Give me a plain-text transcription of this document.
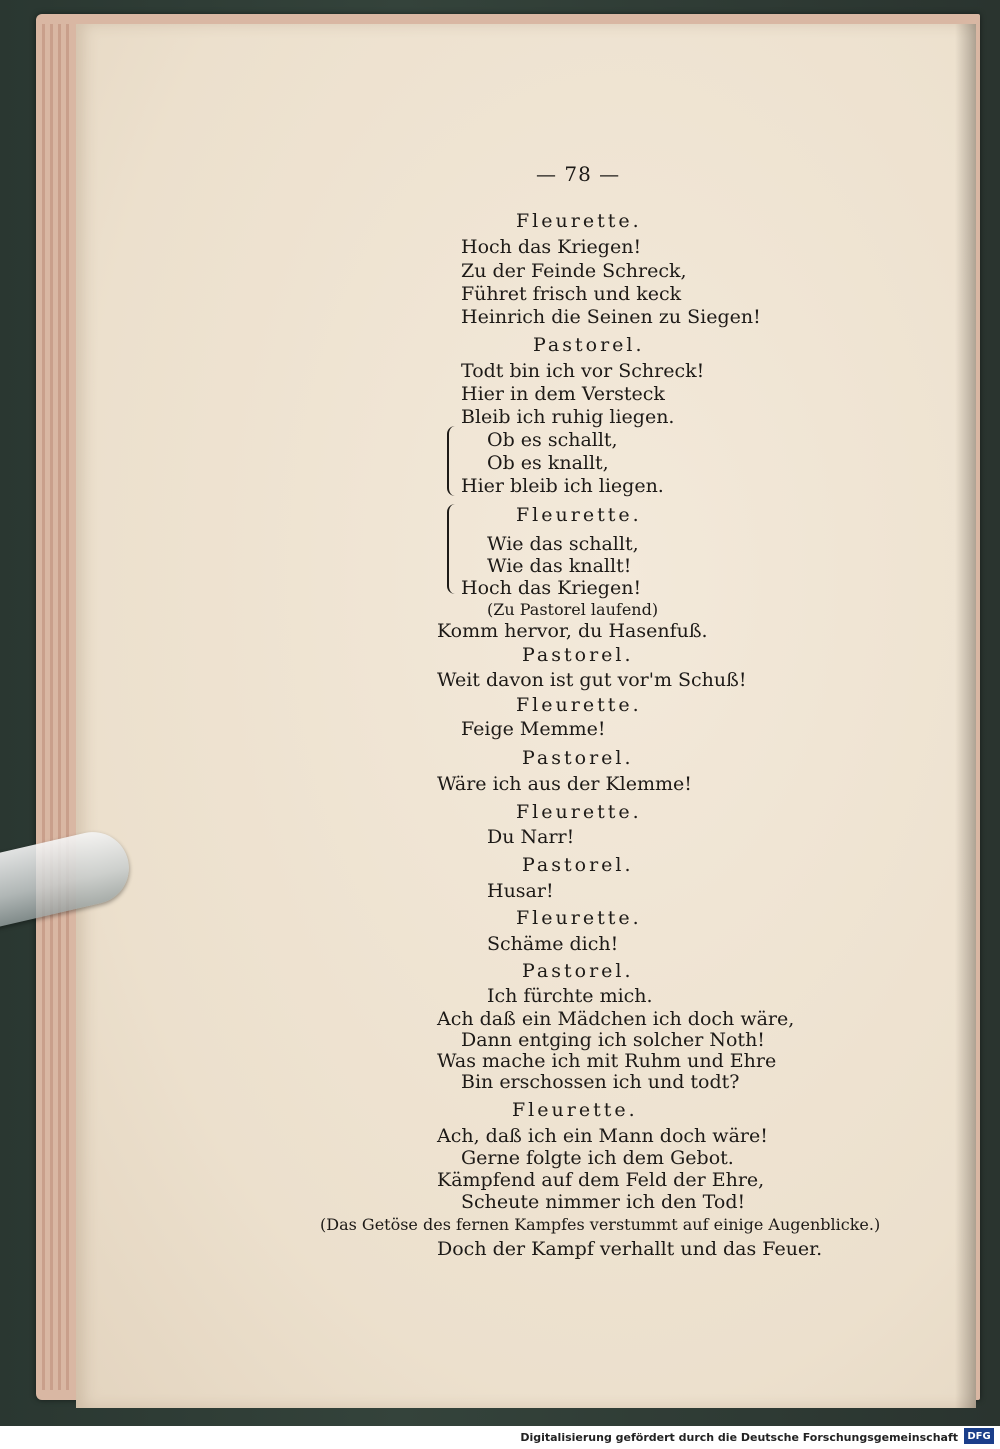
— 78 —
Fleurette.
Hoch das Kriegen!
Zu der Feinde Schreck,
Führet frisch und keck
Heinrich die Seinen zu Siegen!
Pastorel.
Todt bin ich vor Schreck!
Hier in dem Versteck
Bleib ich ruhig liegen.
Ob es schallt,
Ob es knallt,
Hier bleib ich liegen.
Fleurette.
Wie das schallt,
Wie das knallt!
Hoch das Kriegen!
(Zu Pastorel laufend)
Komm hervor, du Hasenfuß.
Pastorel.
Weit davon ist gut vor'm Schuß!
Fleurette.
Feige Memme!
Pastorel.
Wäre ich aus der Klemme!
Fleurette.
Du Narr!
Pastorel.
Husar!
Fleurette.
Schäme dich!
Pastorel.
Ich fürchte mich.
Ach daß ein Mädchen ich doch wäre,
Dann entging ich solcher Noth!
Was mache ich mit Ruhm und Ehre
Bin erschossen ich und todt?
Fleurette.
Ach, daß ich ein Mann doch wäre!
Gerne folgte ich dem Gebot.
Kämpfend auf dem Feld der Ehre,
Scheute nimmer ich den Tod!
(Das Getöse des fernen Kampfes verstummt auf einige Augenblicke.)
Doch der Kampf verhallt und das Feuer.
Digitalisierung gefördert durch die Deutsche Forschungsgemeinschaft DFG
